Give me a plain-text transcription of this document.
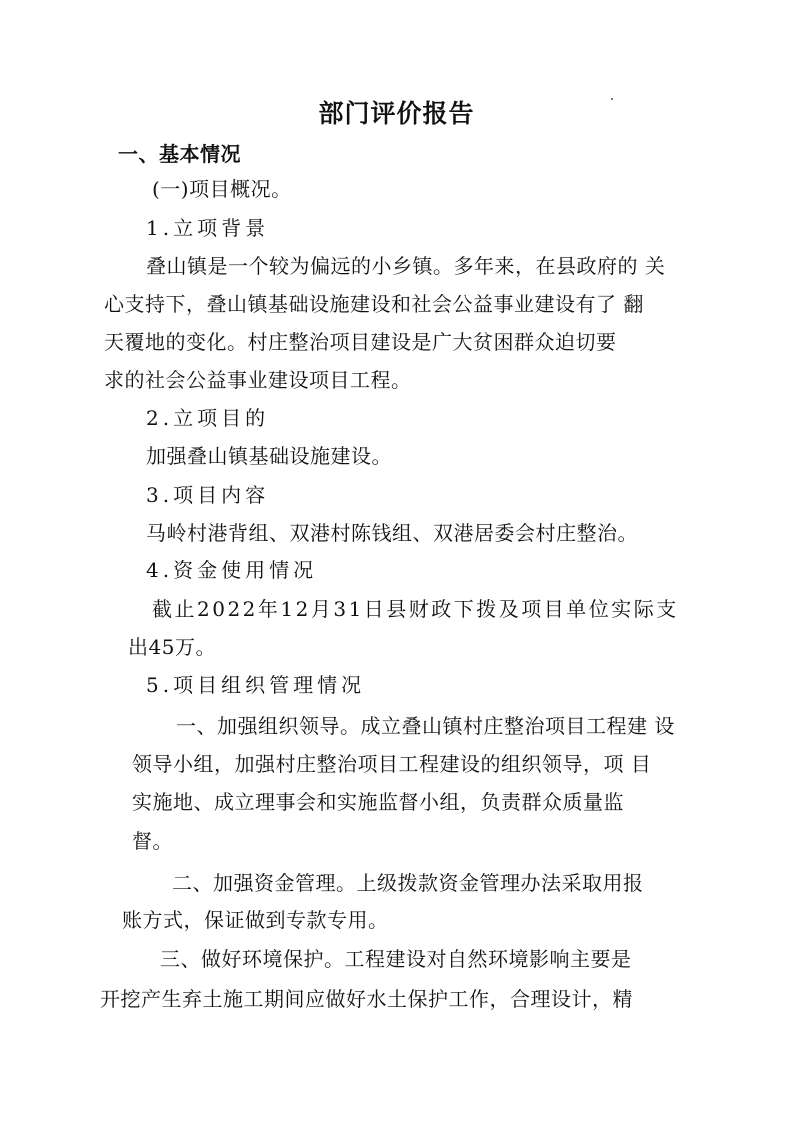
部门评价报告
一、基本情况
(一)项目概况。
1.立项背景
叠山镇是一个较为偏远的小乡镇。多年来，在县政府的 关
心支持下，叠山镇基础设施建设和社会公益事业建设有了 翻
天覆地的变化。村庄整治项目建设是广大贫困群众迫切要
求的社会公益事业建设项目工程。
2.立项目的
加强叠山镇基础设施建设。
3.项目内容
马岭村港背组、双港村陈钱组、双港居委会村庄整治。
4.资金使用情况
截止2022年12月31日县财政下拨及项目单位实际支
出45万。
5.项目组织管理情况
一、加强组织领导。成立叠山镇村庄整治项目工程建 设
领导小组，加强村庄整治项目工程建设的组织领导，项 目
实施地、成立理事会和实施监督小组，负责群众质量监
督。
二、加强资金管理。上级拨款资金管理办法采取用报
账方式，保证做到专款专用。
三、做好环境保护。工程建设对自然环境影响主要是
开挖产生弃土施工期间应做好水土保护工作，合理设计，精
